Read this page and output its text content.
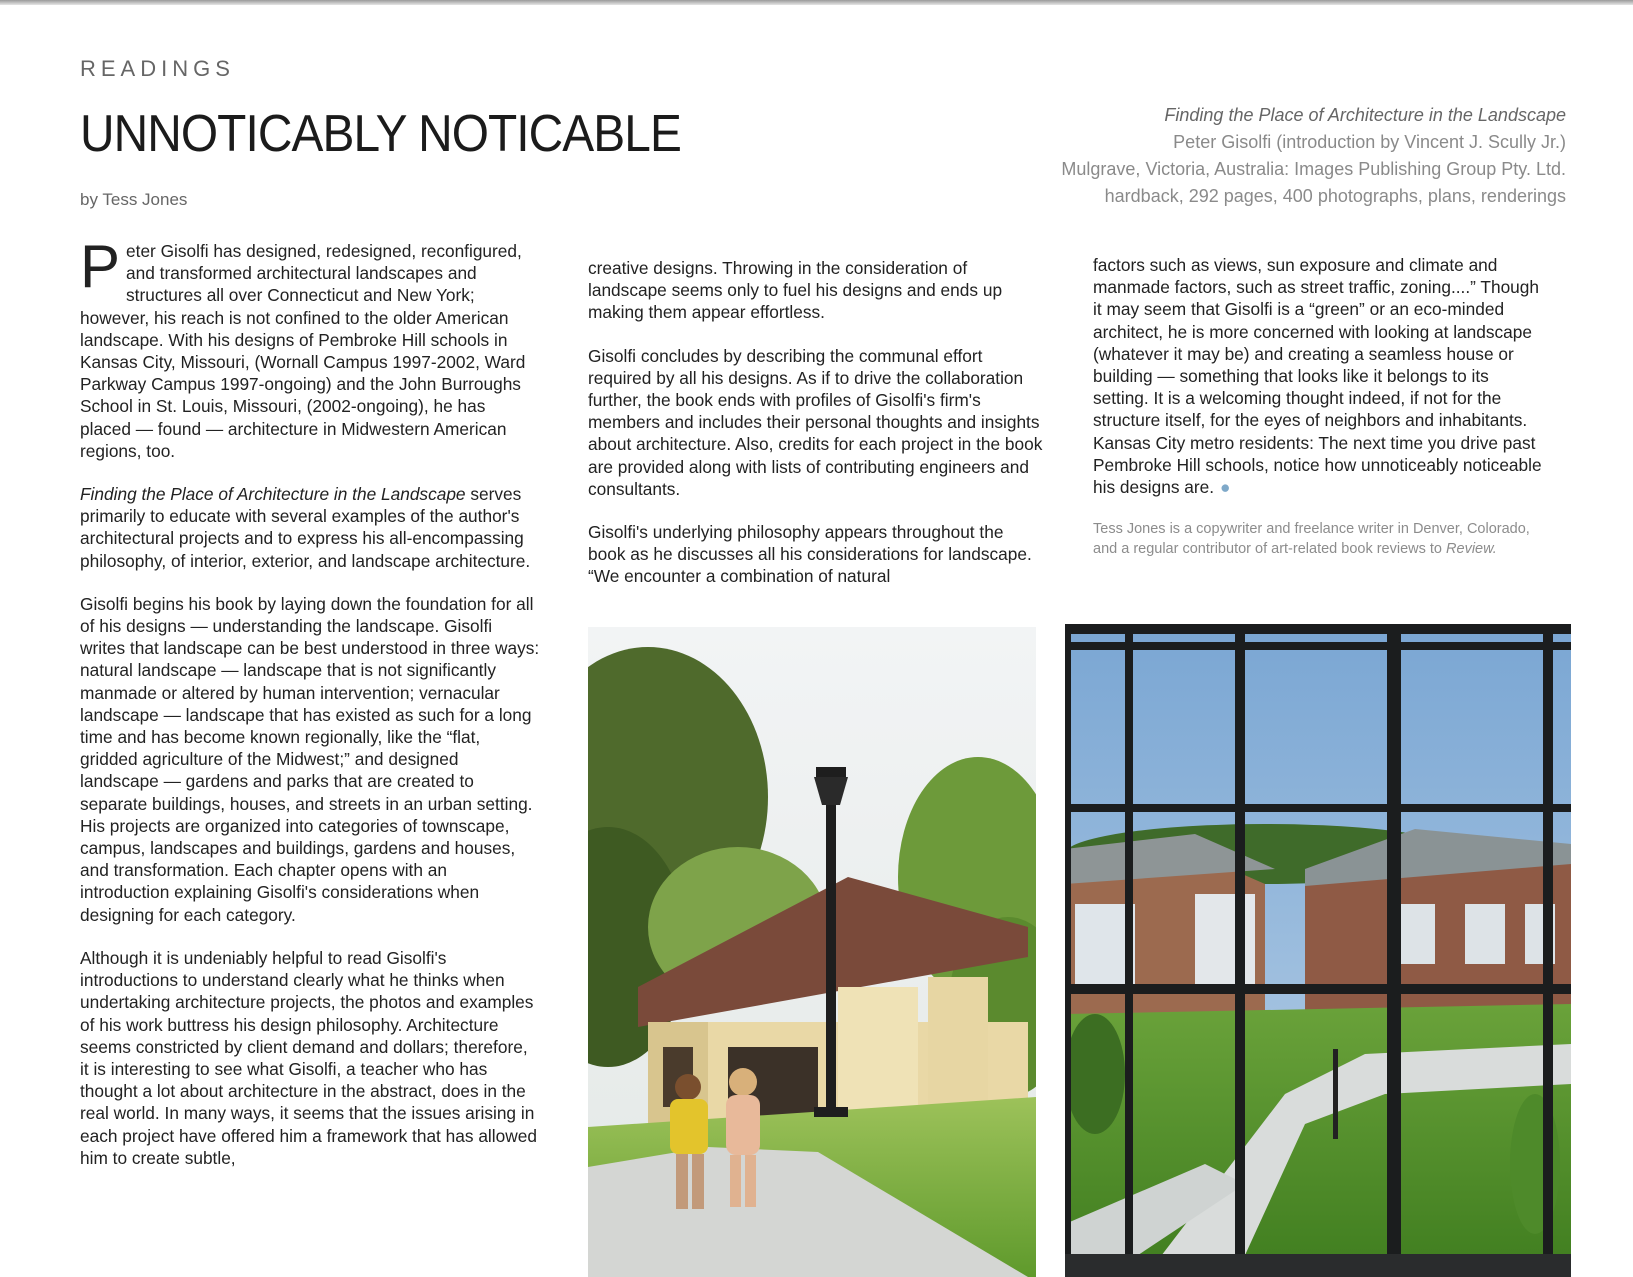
READINGS
UNNOTICABLY NOTICABLE
by Tess Jones
Finding the Place of Architecture in the Landscape
Peter Gisolfi (introduction by Vincent J. Scully Jr.)
Mulgrave, Victoria, Australia: Images Publishing Group Pty. Ltd.
hardback, 292 pages, 400 photographs, plans, renderings

Peter Gisolfi has designed, redesigned, reconfigured, and transformed architectural landscapes and structures all over Connecticut and New York; however, his reach is not confined to the older American landscape. With his designs of Pembroke Hill schools in Kansas City, Missouri, (Wornall Campus 1997-2002, Ward Parkway Campus 1997-ongoing) and the John Burroughs School in St. Louis, Missouri, (2002-ongoing), he has placed — found — architecture in Midwestern American regions, too.

Finding the Place of Architecture in the Landscape serves primarily to educate with several examples of the author's architectural projects and to express his all-encompassing philosophy, of interior, exterior, and landscape architecture.

Gisolfi begins his book by laying down the foundation for all of his designs — understanding the landscape. Gisolfi writes that landscape can be best understood in three ways: natural landscape — landscape that is not significantly manmade or altered by human intervention; vernacular landscape — landscape that has existed as such for a long time and has become known regionally, like the “flat, gridded agriculture of the Midwest;” and designed landscape — gardens and parks that are created to separate buildings, houses, and streets in an urban setting. His projects are organized into categories of townscape, campus, landscapes and buildings, gardens and houses, and transformation. Each chapter opens with an introduction explaining Gisolfi's considerations when designing for each category.

Although it is undeniably helpful to read Gisolfi's introductions to understand clearly what he thinks when undertaking architecture projects, the photos and examples of his work buttress his design philosophy. Architecture seems constricted by client demand and dollars; therefore, it is interesting to see what Gisolfi, a teacher who has thought a lot about architecture in the abstract, does in the real world. In many ways, it seems that the issues arising in each project have offered him a framework that has allowed him to create subtle,

creative designs. Throwing in the consideration of landscape seems only to fuel his designs and ends up making them appear effortless.

Gisolfi concludes by describing the communal effort required by all his designs. As if to drive the collaboration further, the book ends with profiles of Gisolfi's firm's members and includes their personal thoughts and insights about architecture. Also, credits for each project in the book are provided along with lists of contributing engineers and consultants.

Gisolfi's underlying philosophy appears throughout the book as he discusses all his considerations for landscape. “We encounter a combination of natural

factors such as views, sun exposure and climate and manmade factors, such as street traffic, zoning....” Though it may seem that Gisolfi is a “green” or an eco-minded architect, he is more concerned with looking at landscape (whatever it may be) and creating a seamless house or building — something that looks like it belongs to its setting. It is a welcoming thought indeed, if not for the structure itself, for the eyes of neighbors and inhabitants. Kansas City metro residents: The next time you drive past Pembroke Hill schools, notice how unnoticeably noticeable his designs are. ●

Tess Jones is a copywriter and freelance writer in Denver, Colorado, and a regular contributor of art-related book reviews to Review.
